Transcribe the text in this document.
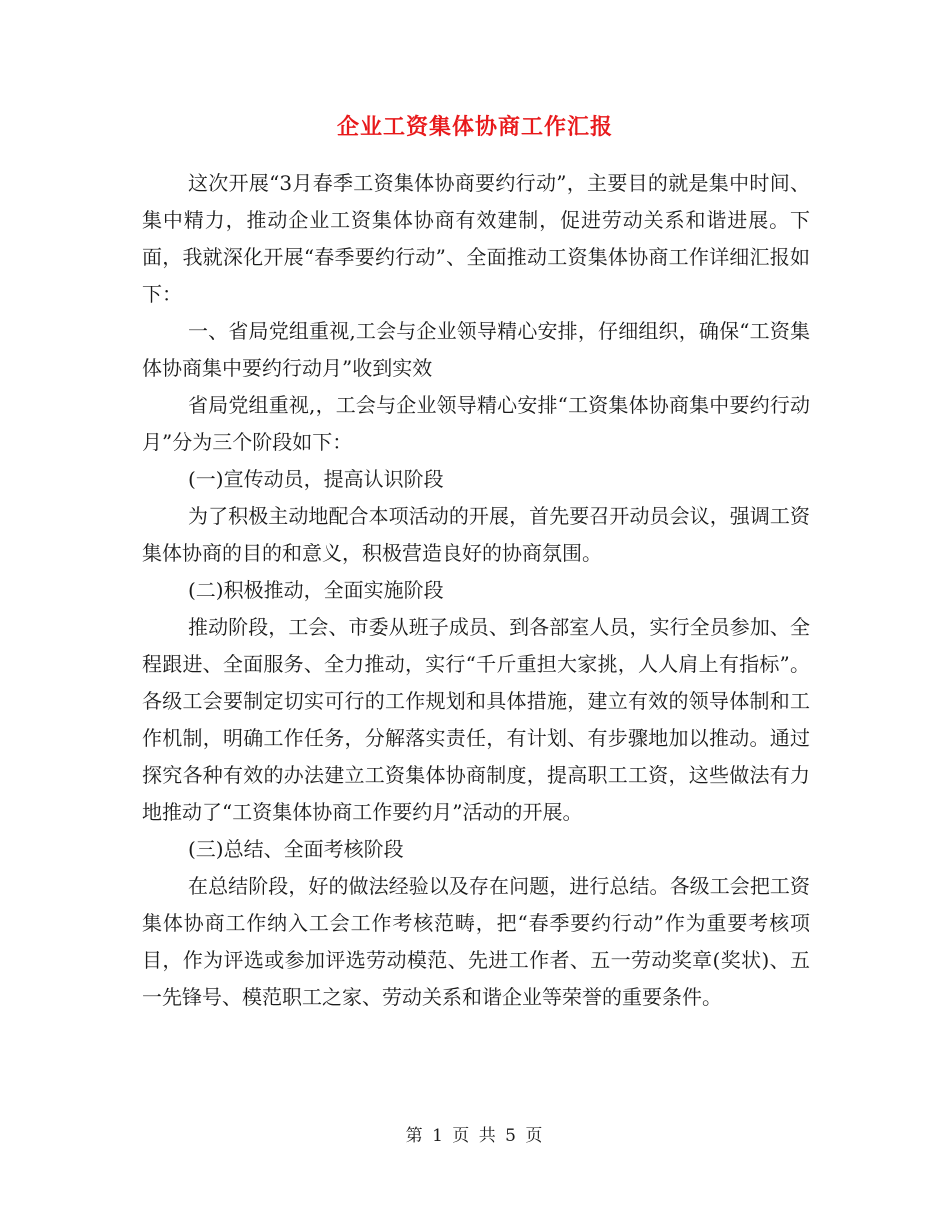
企业工资集体协商工作汇报

这次开展“3月春季工资集体协商要约行动”，主要目的就是集中时间、集中精力，推动企业工资集体协商有效建制，促进劳动关系和谐进展。下面，我就深化开展“春季要约行动”、全面推动工资集体协商工作详细汇报如下：

一、省局党组重视,工会与企业领导精心安排，仔细组织，确保“工资集体协商集中要约行动月”收到实效

省局党组重视,，工会与企业领导精心安排“工资集体协商集中要约行动月”分为三个阶段如下：

(一)宣传动员，提高认识阶段

为了积极主动地配合本项活动的开展，首先要召开动员会议，强调工资集体协商的目的和意义，积极营造良好的协商氛围。

(二)积极推动，全面实施阶段

推动阶段，工会、市委从班子成员、到各部室人员，实行全员参加、全程跟进、全面服务、全力推动，实行“千斤重担大家挑，人人肩上有指标”。各级工会要制定切实可行的工作规划和具体措施，建立有效的领导体制和工作机制，明确工作任务，分解落实责任，有计划、有步骤地加以推动。通过探究各种有效的办法建立工资集体协商制度，提高职工工资，这些做法有力地推动了“工资集体协商工作要约月”活动的开展。

(三)总结、全面考核阶段

在总结阶段，好的做法经验以及存在问题，进行总结。各级工会把工资集体协商工作纳入工会工作考核范畴，把“春季要约行动”作为重要考核项目，作为评选或参加评选劳动模范、先进工作者、五一劳动奖章(奖状)、五一先锋号、模范职工之家、劳动关系和谐企业等荣誉的重要条件。

第 1 页 共 5 页
